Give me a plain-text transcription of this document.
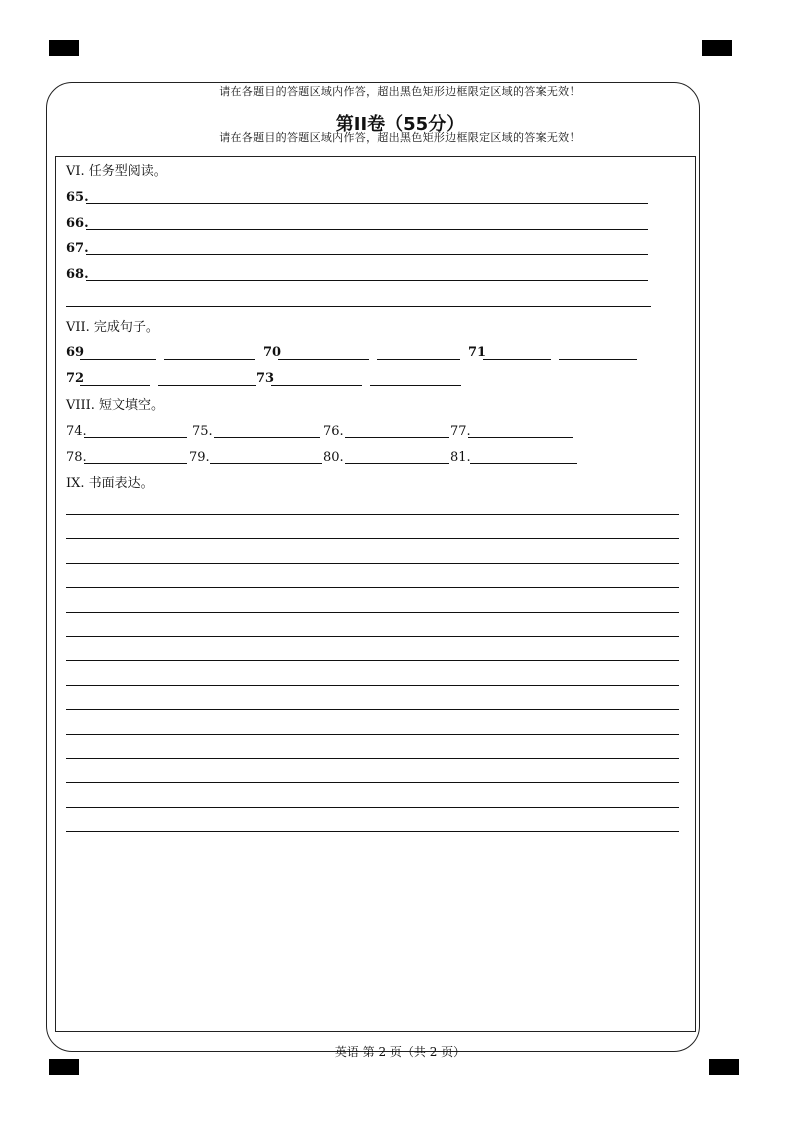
请在各题目的答题区域内作答，超出黑色矩形边框限定区域的答案无效！
第II卷（55分）
请在各题目的答题区域内作答，超出黑色矩形边框限定区域的答案无效！
VI. 任务型阅读。
65.
66.
67.
68.
VII. 完成句子。
69	70	71
72	73
VIII. 短文填空。
74.	75.	76.	77.
78.	79.	80.	81.
IX. 书面表达。
英语 第 2 页（共 2 页）
